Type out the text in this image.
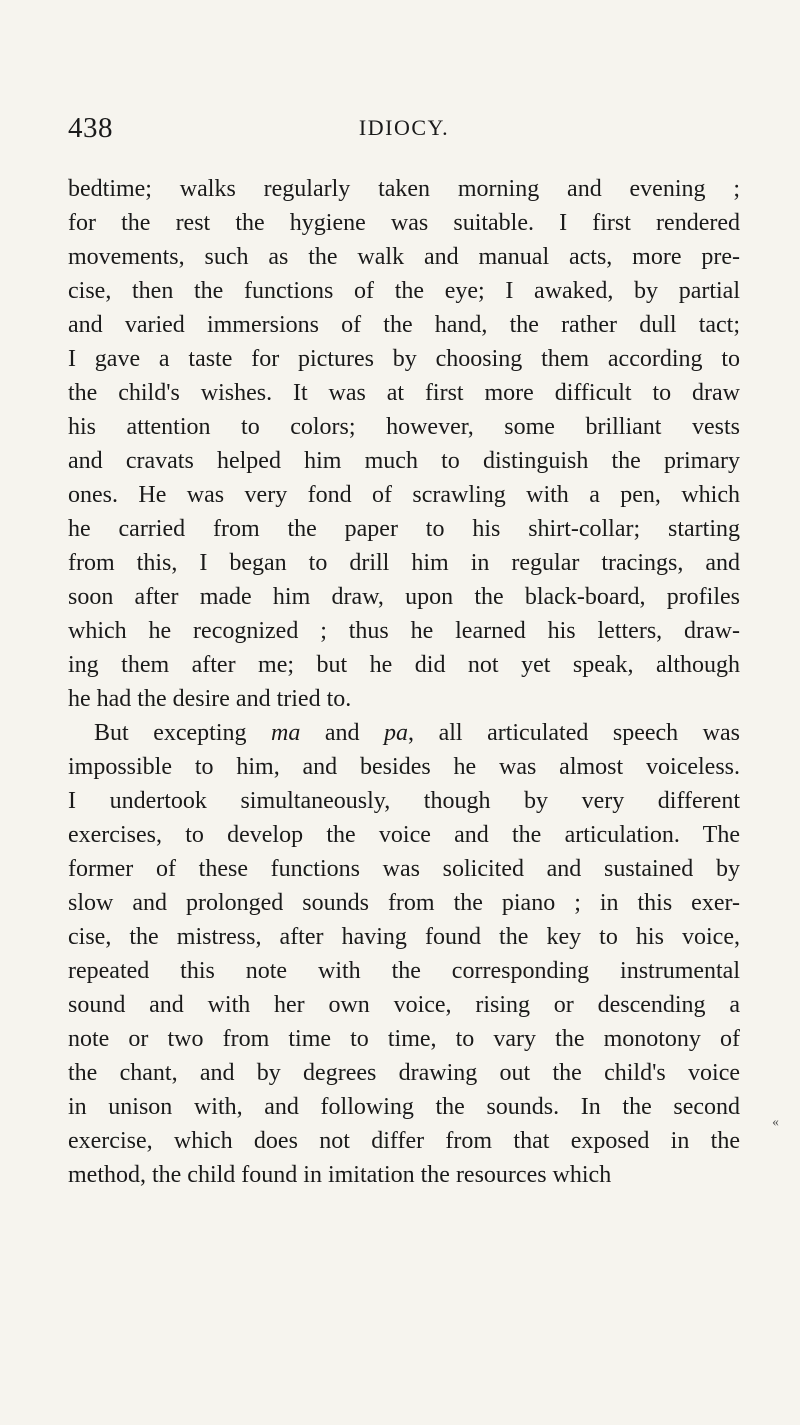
438	IDIOCY.
bedtime; walks regularly taken morning and evening ;
for the rest the hygiene was suitable. I first rendered
movements, such as the walk and manual acts, more pre-
cise, then the functions of the eye; I awaked, by partial
and varied immersions of the hand, the rather dull tact;
I gave a taste for pictures by choosing them according to
the child's wishes. It was at first more difficult to draw
his attention to colors; however, some brilliant vests
and cravats helped him much to distinguish the primary
ones. He was very fond of scrawling with a pen, which
he carried from the paper to his shirt-collar; starting
from this, I began to drill him in regular tracings, and
soon after made him draw, upon the black-board, profiles
which he recognized ; thus he learned his letters, draw-
ing them after me; but he did not yet speak, although
he had the desire and tried to.
But excepting ma and pa, all articulated speech was
impossible to him, and besides he was almost voiceless.
I undertook simultaneously, though by very different
exercises, to develop the voice and the articulation. The
former of these functions was solicited and sustained by
slow and prolonged sounds from the piano ; in this exer-
cise, the mistress, after having found the key to his voice,
repeated this note with the corresponding instrumental
sound and with her own voice, rising or descending a
note or two from time to time, to vary the monotony of
the chant, and by degrees drawing out the child's voice
in unison with, and following the sounds. In the second
exercise, which does not differ from that exposed in the
method, the child found in imitation the resources which
‹‹
